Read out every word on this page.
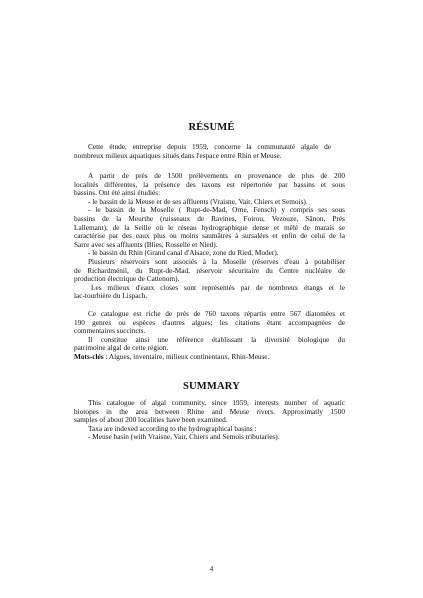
RÉSUMÉ
Cette étude, entreprise depuis 1959, concerne la communauté algale de
nombreux milieux aquatiques situés dans l'espace entre Rhin et Meuse.
A partir de près de 1500 prélèvements en provenance de plus de 200
localités différentes, la présence des taxons est répertoriée par bassins et sous
bassins. Ont été ainsi étudiés:
- le bassin de la Meuse et de ses affluents (Vraisne, Vair, Chiers et Semois).
- le bassin de la Moselle ( Rupt-de-Mad, Orne, Fensch) y compris ses sous
bassins de la Meurthe (ruisseaux de Ravines, Foirou, Vezouze, Sânon, Prés
Lallemant), de la Seille où le réseau hydrographique dense et mêlé de marais se
caractérise par des eaux plus ou moins saumâtres à sursalées et enfin de celui de la
Sarre avec ses affluents (Blies, Rosselle et Nied).
- le bassin du Rhin (Grand canal d'Alsace, zone du Ried, Moder).
Plusieurs réservoirs sont associés à la Moselle (réserves d'eau à potabiliser
de Richardménil, du Rupt-de-Mad, réservoir sécuritaire du Centre nucléaire de
production électrique de Cattenom).
Les milieux d'eaux closes sont représentés par de nombreux étangs et le
lac-tourbière du Lispach.
Ce catalogue est riche de près de 760 taxons répartis entre 567 diatomées et
190 genres ou espèces d'autres algues; les citations étant accompagnées de
commentaires succincts.
Il constitue ainsi une référence établissant la diversité biologique du
patrimoine algal de cette région.
Mots-clés : Algues, inventaire, milieux continentaux, Rhin-Meuse.
SUMMARY
This catalogue of algal community, since 1959, interests number of aquatic
biotopes in the area between Rhine and Meuse rivers. Approximatly 1500
samples of about 200 localities have been examined.
Taxa are indexed according to the hydrographical basins :
- Meuse basin (with Vraisne, Vair, Chiers and Semois tributaries).
4
